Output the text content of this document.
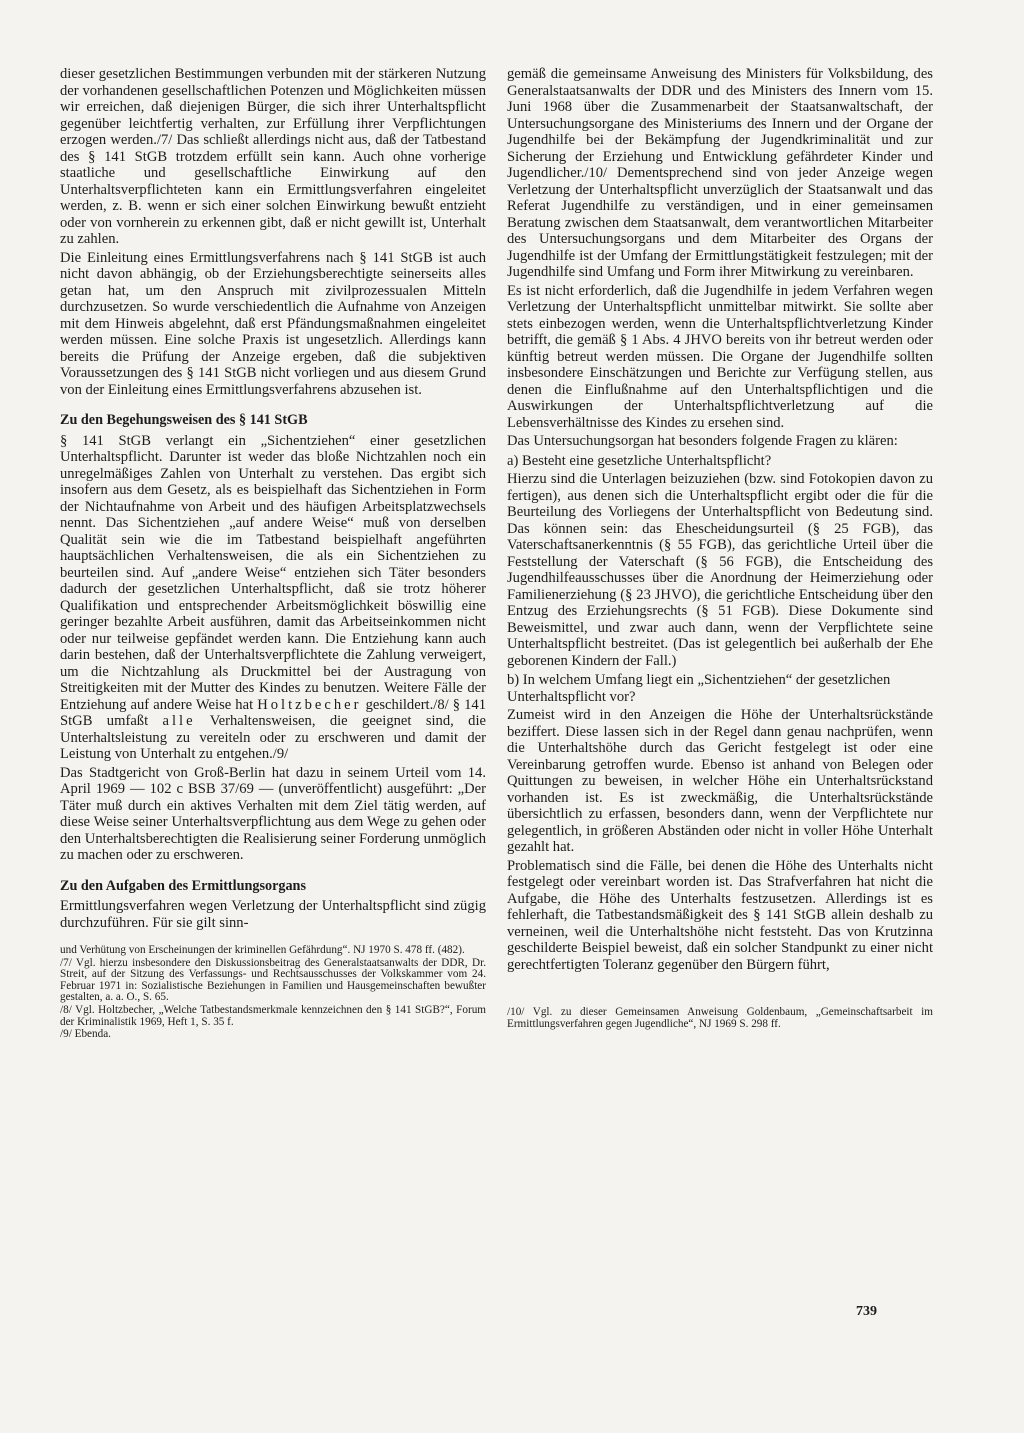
dieser gesetzlichen Bestimmungen verbunden mit der stärkeren Nutzung der vorhandenen gesellschaftlichen Potenzen und Möglichkeiten müssen wir erreichen, daß diejenigen Bürger, die sich ihrer Unterhaltspflicht gegenüber leichtfertig verhalten, zur Erfüllung ihrer Verpflichtungen erzogen werden./7/ Das schließt allerdings nicht aus, daß der Tatbestand des § 141 StGB trotzdem erfüllt sein kann. Auch ohne vorherige staatliche und gesellschaftliche Einwirkung auf den Unterhaltsverpflichteten kann ein Ermittlungsverfahren eingeleitet werden, z. B. wenn er sich einer solchen Einwirkung bewußt entzieht oder von vornherein zu erkennen gibt, daß er nicht gewillt ist, Unterhalt zu zahlen.

Die Einleitung eines Ermittlungsverfahrens nach § 141 StGB ist auch nicht davon abhängig, ob der Erziehungsberechtigte seinerseits alles getan hat, um den Anspruch mit zivilprozessualen Mitteln durchzusetzen. So wurde verschiedentlich die Aufnahme von Anzeigen mit dem Hinweis abgelehnt, daß erst Pfändungsmaßnahmen eingeleitet werden müssen. Eine solche Praxis ist ungesetzlich. Allerdings kann bereits die Prüfung der Anzeige ergeben, daß die subjektiven Voraussetzungen des § 141 StGB nicht vorliegen und aus diesem Grund von der Einleitung eines Ermittlungsverfahrens abzusehen ist.

Zu den Begehungsweisen des § 141 StGB

§ 141 StGB verlangt ein „Sichentziehen“ einer gesetzlichen Unterhaltspflicht. Darunter ist weder das bloße Nichtzahlen noch ein unregelmäßiges Zahlen von Unterhalt zu verstehen. Das ergibt sich insofern aus dem Gesetz, als es beispielhaft das Sichentziehen in Form der Nichtaufnahme von Arbeit und des häufigen Arbeitsplatzwechsels nennt. Das Sichentziehen „auf andere Weise“ muß von derselben Qualität sein wie die im Tatbestand beispielhaft angeführten hauptsächlichen Verhaltensweisen, die als ein Sichentziehen zu beurteilen sind. Auf „andere Weise“ entziehen sich Täter besonders dadurch der gesetzlichen Unterhaltspflicht, daß sie trotz höherer Qualifikation und entsprechender Arbeitsmöglichkeit böswillig eine geringer bezahlte Arbeit ausführen, damit das Arbeitseinkommen nicht oder nur teilweise gepfändet werden kann. Die Entziehung kann auch darin bestehen, daß der Unterhaltsverpflichtete die Zahlung verweigert, um die Nichtzahlung als Druckmittel bei der Austragung von Streitigkeiten mit der Mutter des Kindes zu benutzen. Weitere Fälle der Entziehung auf andere Weise hat Holtzbecher geschildert./8/ § 141 StGB umfaßt alle Verhaltensweisen, die geeignet sind, die Unterhaltsleistung zu vereiteln oder zu erschweren und damit der Leistung von Unterhalt zu entgehen./9/

Das Stadtgericht von Groß-Berlin hat dazu in seinem Urteil vom 14. April 1969 — 102 c BSB 37/69 — (unveröffentlicht) ausgeführt: „Der Täter muß durch ein aktives Verhalten mit dem Ziel tätig werden, auf diese Weise seiner Unterhaltsverpflichtung aus dem Wege zu gehen oder den Unterhaltsberechtigten die Realisierung seiner Forderung unmöglich zu machen oder zu erschweren.

Zu den Aufgaben des Ermittlungsorgans

Ermittlungsverfahren wegen Verletzung der Unterhaltspflicht sind zügig durchzuführen. Für sie gilt sinn-

und Verhütung von Erscheinungen der kriminellen Gefährdung“. NJ 1970 S. 478 ff. (482).

/7/ Vgl. hierzu insbesondere den Diskussionsbeitrag des Generalstaatsanwalts der DDR, Dr. Streit, auf der Sitzung des Verfassungs- und Rechtsausschusses der Volkskammer vom 24. Februar 1971 in: Sozialistische Beziehungen in Familien und Hausgemeinschaften bewußter gestalten, a. a. O., S. 65.

/8/ Vgl. Holtzbecher, „Welche Tatbestandsmerkmale kennzeichnen den § 141 StGB?“, Forum der Kriminalistik 1969, Heft 1, S. 35 f.

/9/ Ebenda.

gemäß die gemeinsame Anweisung des Ministers für Volksbildung, des Generalstaatsanwalts der DDR und des Ministers des Innern vom 15. Juni 1968 über die Zusammenarbeit der Staatsanwaltschaft, der Untersuchungsorgane des Ministeriums des Innern und der Organe der Jugendhilfe bei der Bekämpfung der Jugendkriminalität und zur Sicherung der Erziehung und Entwicklung gefährdeter Kinder und Jugendlicher./10/ Dementsprechend sind von jeder Anzeige wegen Verletzung der Unterhaltspflicht unverzüglich der Staatsanwalt und das Referat Jugendhilfe zu verständigen, und in einer gemeinsamen Beratung zwischen dem Staatsanwalt, dem verantwortlichen Mitarbeiter des Untersuchungsorgans und dem Mitarbeiter des Organs der Jugendhilfe ist der Umfang der Ermittlungstätigkeit festzulegen; mit der Jugendhilfe sind Umfang und Form ihrer Mitwirkung zu vereinbaren.

Es ist nicht erforderlich, daß die Jugendhilfe in jedem Verfahren wegen Verletzung der Unterhaltspflicht unmittelbar mitwirkt. Sie sollte aber stets einbezogen werden, wenn die Unterhaltspflichtverletzung Kinder betrifft, die gemäß § 1 Abs. 4 JHVO bereits von ihr betreut werden oder künftig betreut werden müssen. Die Organe der Jugendhilfe sollten insbesondere Einschätzungen und Berichte zur Verfügung stellen, aus denen die Einflußnahme auf den Unterhaltspflichtigen und die Auswirkungen der Unterhaltspflichtverletzung auf die Lebensverhältnisse des Kindes zu ersehen sind.

Das Untersuchungsorgan hat besonders folgende Fragen zu klären:

a) Besteht eine gesetzliche Unterhaltspflicht?

Hierzu sind die Unterlagen beizuziehen (bzw. sind Fotokopien davon zu fertigen), aus denen sich die Unterhaltspflicht ergibt oder die für die Beurteilung des Vorliegens der Unterhaltspflicht von Bedeutung sind. Das können sein: das Ehescheidungsurteil (§ 25 FGB), das Vaterschaftsanerkenntnis (§ 55 FGB), das gerichtliche Urteil über die Feststellung der Vaterschaft (§ 56 FGB), die Entscheidung des Jugendhilfeausschusses über die Anordnung der Heimerziehung oder Familienerziehung (§ 23 JHVO), die gerichtliche Entscheidung über den Entzug des Erziehungsrechts (§ 51 FGB). Diese Dokumente sind Beweismittel, und zwar auch dann, wenn der Verpflichtete seine Unterhaltspflicht bestreitet. (Das ist gelegentlich bei außerhalb der Ehe geborenen Kindern der Fall.)

b) In welchem Umfang liegt ein „Sichentziehen“ der gesetzlichen Unterhaltspflicht vor?

Zumeist wird in den Anzeigen die Höhe der Unterhaltsrückstände beziffert. Diese lassen sich in der Regel dann genau nachprüfen, wenn die Unterhaltshöhe durch das Gericht festgelegt ist oder eine Vereinbarung getroffen wurde. Ebenso ist anhand von Belegen oder Quittungen zu beweisen, in welcher Höhe ein Unterhaltsrückstand vorhanden ist. Es ist zweckmäßig, die Unterhaltsrückstände übersichtlich zu erfassen, besonders dann, wenn der Verpflichtete nur gelegentlich, in größeren Abständen oder nicht in voller Höhe Unterhalt gezahlt hat.

Problematisch sind die Fälle, bei denen die Höhe des Unterhalts nicht festgelegt oder vereinbart worden ist. Das Strafverfahren hat nicht die Aufgabe, die Höhe des Unterhalts festzusetzen. Allerdings ist es fehlerhaft, die Tatbestandsmäßigkeit des § 141 StGB allein deshalb zu verneinen, weil die Unterhaltshöhe nicht feststeht. Das von Krutzinna geschilderte Beispiel beweist, daß ein solcher Standpunkt zu einer nicht gerechtfertigten Toleranz gegenüber den Bürgern führt,

/10/ Vgl. zu dieser Gemeinsamen Anweisung Goldenbaum, „Gemeinschaftsarbeit im Ermittlungsverfahren gegen Jugendliche“, NJ 1969 S. 298 ff.

739
